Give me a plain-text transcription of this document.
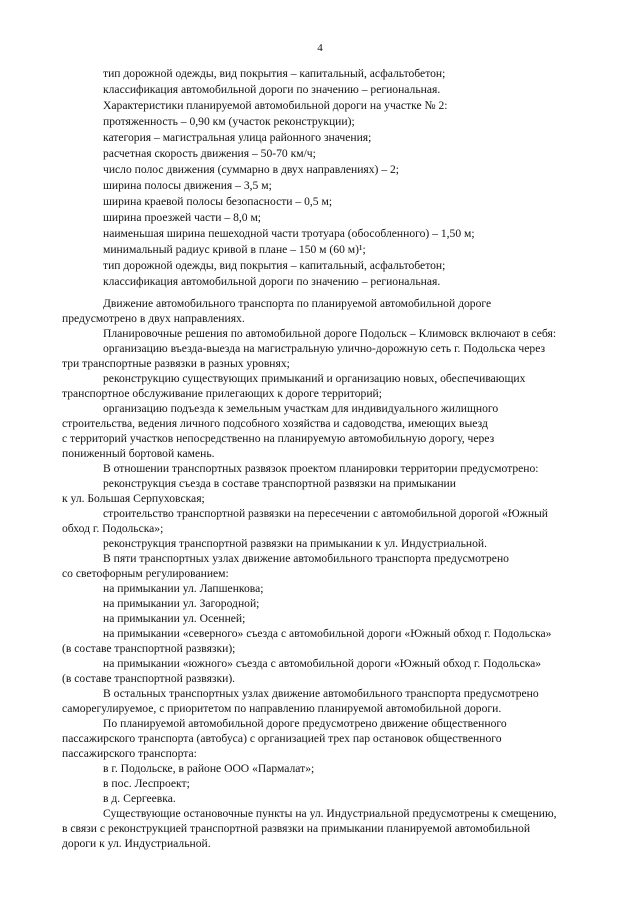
4
тип дорожной одежды, вид покрытия – капитальный, асфальтобетон;
классификация автомобильной дороги по значению – региональная.
Характеристики планируемой автомобильной дороги на участке № 2:
протяженность – 0,90 км (участок реконструкции);
категория – магистральная улица районного значения;
расчетная скорость движения – 50-70 км/ч;
число полос движения (суммарно в двух направлениях) – 2;
ширина полосы движения – 3,5 м;
ширина краевой полосы безопасности – 0,5 м;
ширина проезжей части – 8,0 м;
наименьшая ширина пешеходной части тротуара (обособленного) – 1,50 м;
минимальный радиус кривой в плане – 150 м (60 м)¹;
тип дорожной одежды, вид покрытия – капитальный, асфальтобетон;
классификация автомобильной дороги по значению – региональная.
Движение автомобильного транспорта по планируемой автомобильной дороге
предусмотрено в двух направлениях.
Планировочные решения по автомобильной дороге Подольск – Климовск включают в себя:
организацию въезда-выезда на магистральную улично-дорожную сеть г. Подольска через
три транспортные развязки в разных уровнях;
реконструкцию существующих примыканий и организацию новых, обеспечивающих
транспортное обслуживание прилегающих к дороге территорий;
организацию подъезда к земельным участкам для индивидуального жилищного
строительства, ведения личного подсобного хозяйства и садоводства, имеющих выезд
с территорий участков непосредственно на планируемую автомобильную дорогу, через
пониженный бортовой камень.
В отношении транспортных развязок проектом планировки территории предусмотрено:
реконструкция съезда в составе транспортной развязки на примыкании
к ул. Большая Серпуховская;
строительство транспортной развязки на пересечении с автомобильной дорогой «Южный
обход г. Подольска»;
реконструкция транспортной развязки на примыкании к ул. Индустриальной.
В пяти транспортных узлах движение автомобильного транспорта предусмотрено
со светофорным регулированием:
на примыкании ул. Лапшенкова;
на примыкании ул. Загородной;
на примыкании ул. Осенней;
на примыкании «северного» съезда с автомобильной дороги «Южный обход г. Подольска»
(в составе транспортной развязки);
на примыкании «южного» съезда с автомобильной дороги «Южный обход г. Подольска»
(в составе транспортной развязки).
В остальных транспортных узлах движение автомобильного транспорта предусмотрено
саморегулируемое, с приоритетом по направлению планируемой автомобильной дороги.
По планируемой автомобильной дороге предусмотрено движение общественного
пассажирского транспорта (автобуса) с организацией трех пар остановок общественного
пассажирского транспорта:
в г. Подольске, в районе ООО «Пармалат»;
в пос. Леспроект;
в д. Сергеевка.
Существующие остановочные пункты на ул. Индустриальной предусмотрены к смещению,
в связи с реконструкцией транспортной развязки на примыкании планируемой автомобильной
дороги к ул. Индустриальной.
